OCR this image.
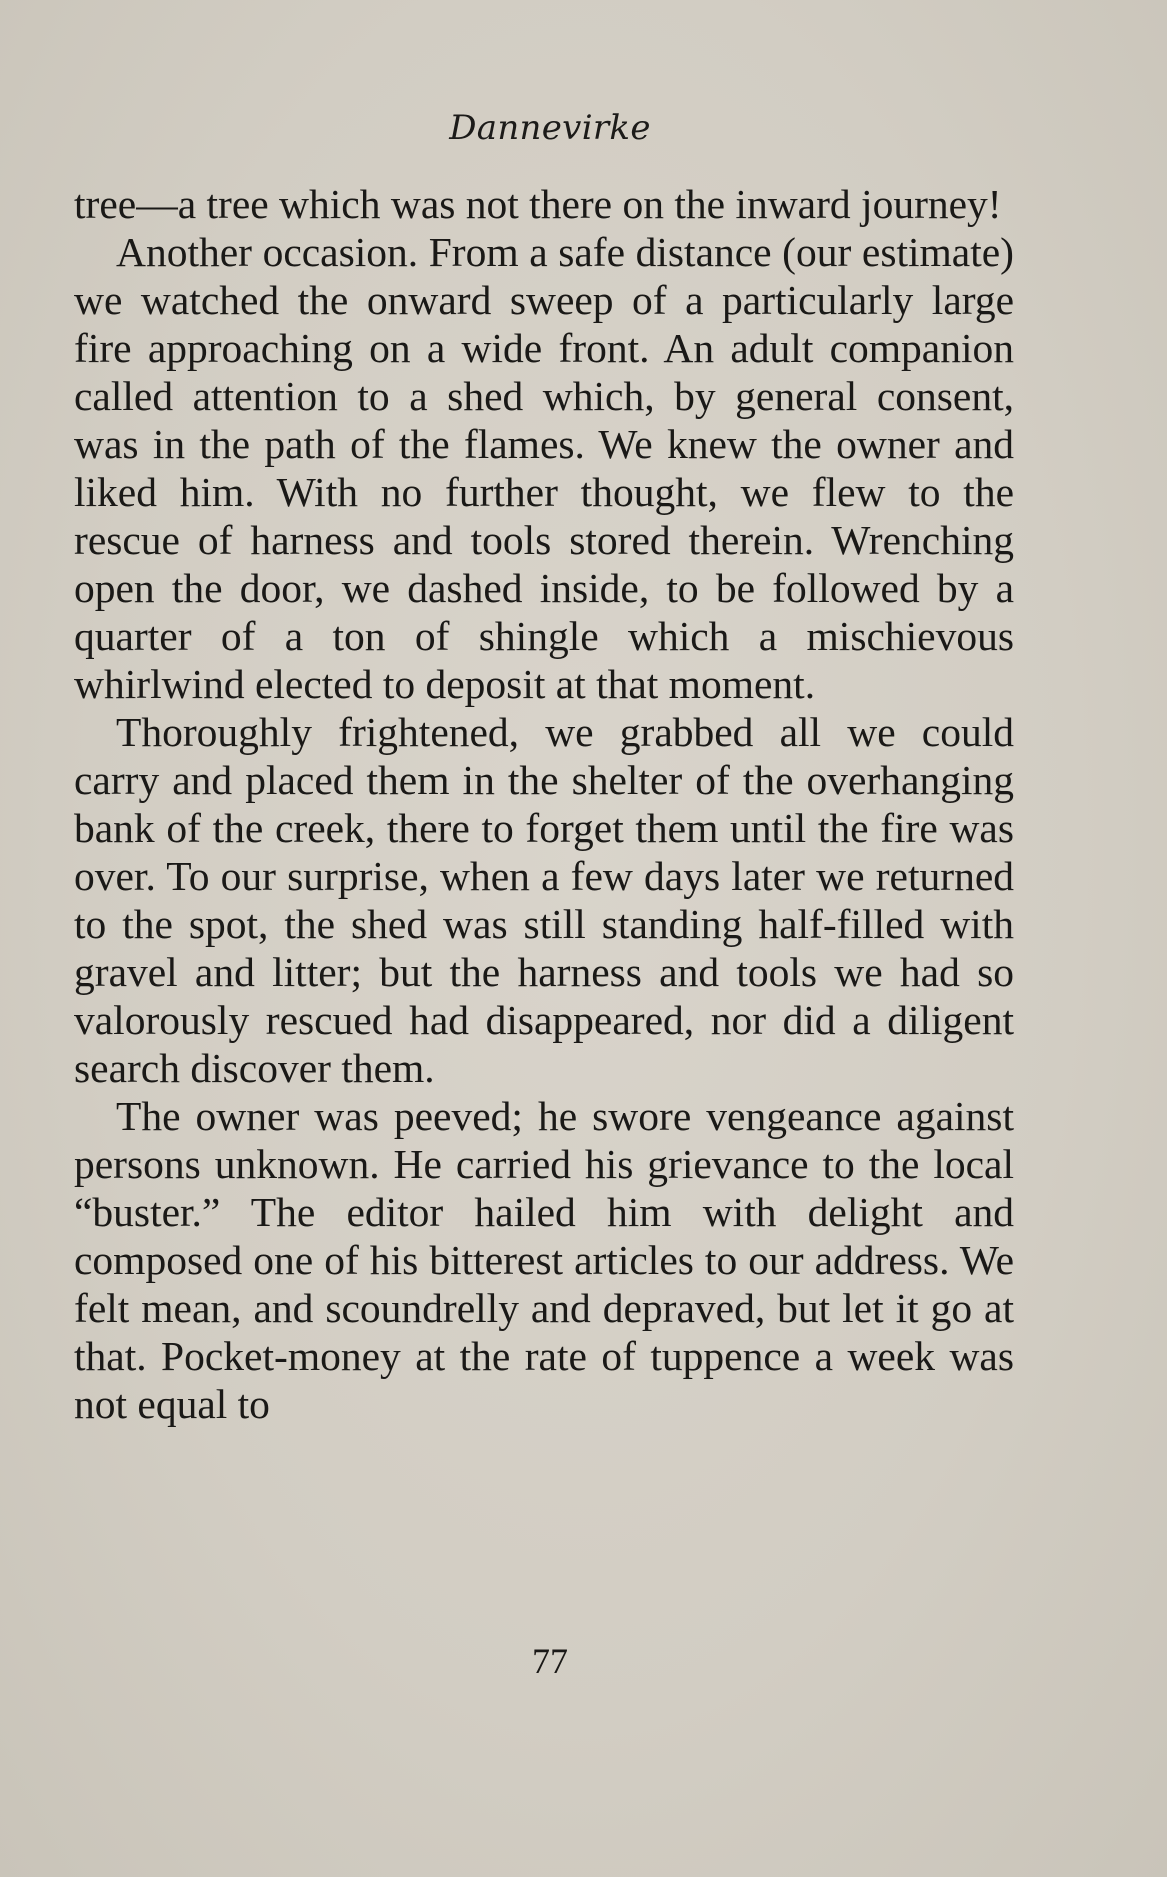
Dannevirke

tree—a tree which was not there on the inward journey!

Another occasion. From a safe distance (our estimate) we watched the onward sweep of a particularly large fire approaching on a wide front. An adult companion called attention to a shed which, by general consent, was in the path of the flames. We knew the owner and liked him. With no further thought, we flew to the rescue of harness and tools stored therein. Wrenching open the door, we dashed inside, to be followed by a quarter of a ton of shingle which a mischievous whirlwind elected to deposit at that moment.

Thoroughly frightened, we grabbed all we could carry and placed them in the shelter of the overhanging bank of the creek, there to forget them until the fire was over. To our surprise, when a few days later we returned to the spot, the shed was still standing half-filled with gravel and litter; but the harness and tools we had so valorously rescued had disappeared, nor did a diligent search discover them.

The owner was peeved; he swore vengeance against persons unknown. He carried his grievance to the local “buster.” The editor hailed him with delight and composed one of his bitterest articles to our address. We felt mean, and scoundrelly and depraved, but let it go at that. Pocket-money at the rate of tuppence a week was not equal to

77
